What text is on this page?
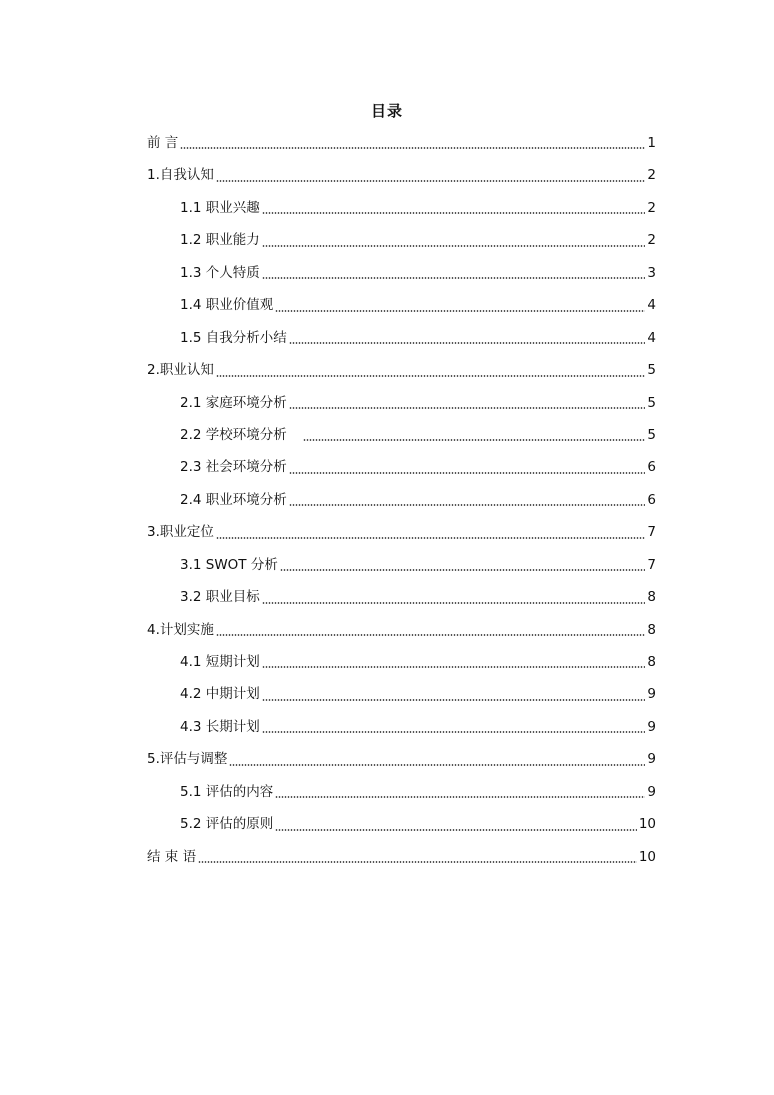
目录
前 言	1
1.自我认知	2
1.1 职业兴趣	2
1.2 职业能力	2
1.3 个人特质	3
1.4 职业价值观	4
1.5 自我分析小结	4
2.职业认知	5
2.1 家庭环境分析	5
2.2 学校环境分析	5
2.3 社会环境分析	6
2.4 职业环境分析	6
3.职业定位	7
3.1 SWOT 分析	7
3.2 职业目标	8
4.计划实施	8
4.1 短期计划	8
4.2 中期计划	9
4.3 长期计划	9
5.评估与调整	9
5.1 评估的内容	9
5.2 评估的原则	10
结 束 语	10
